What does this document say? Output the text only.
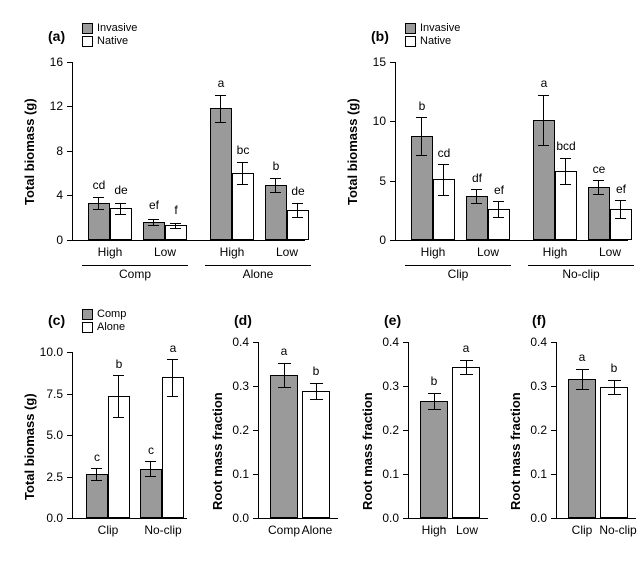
(a)
Total biomass (g)
Invasive
Native
0
4
8
12
16
cd de
ef	f
a
bc
b
de
High	Low	High	Low
Comp	Alone
(b)
Total biomass (g)
Invasive
Native
0
5
10
15
b
cd
df
ef
a
bcd
ce
ef
High	Low	High	Low
Clip	No-clip
(c)
Total biomass (g)
Comp
Alone
0.0
2.5
5.0
7.5
10.0
c
b
c
a
Clip	No-clip
(d)
Root mass fraction
0.0
0.1
0.2
0.3
0.4
a
b
Comp Alone
(e)
Root mass fraction
0.0
0.1
0.2
0.3
0.4
b
a
High Low
(f)
Root mass fraction
0.0
0.1
0.2
0.3
0.4
a
b
Clip No-clip
